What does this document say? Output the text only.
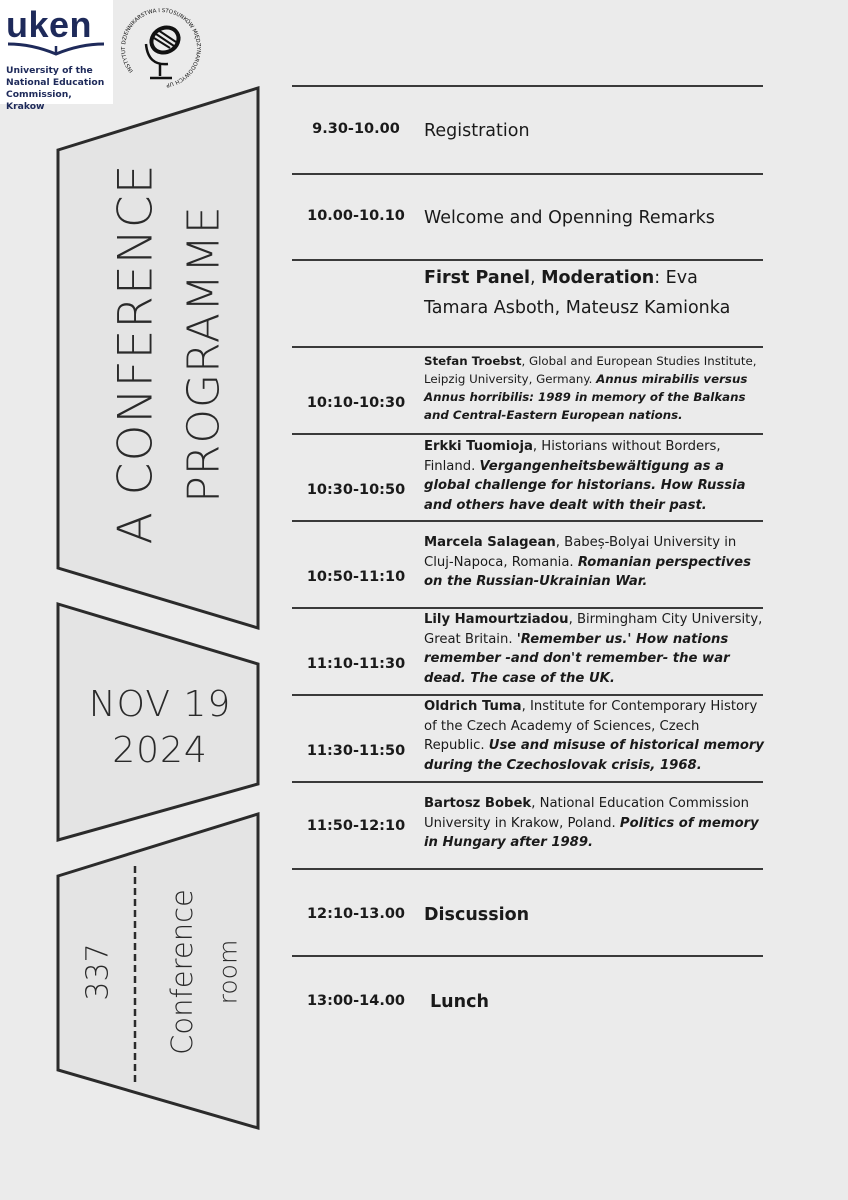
uken
University of the
National Education
Commission, Krakow
INSTYTUT DZIENNIKARSTWA I STOSUNKÓW MIĘDZYNARODOWYCH UP
A CONFERENCE PROGRAMME
NOV 19
2024
337 Conference room
9.30-10.00	Registration
10.00-10.10	Welcome and Openning Remarks
First Panel, Moderation: Eva Tamara Asboth, Mateusz Kamionka
10:10-10:30
Stefan Troebst, Global and European Studies Institute, Leipzig University, Germany. Annus mirabilis versus Annus horribilis: 1989 in memory of the Balkans and Central-Eastern European nations.
10:30-10:50
Erkki Tuomioja, Historians without Borders, Finland. Vergangenheitsbewältigung as a global challenge for historians. How Russia and others have dealt with their past.
10:50-11:10
Marcela Salagean, Babeș-Bolyai University in Cluj-Napoca, Romania. Romanian perspectives on the Russian-Ukrainian War.
11:10-11:30
Lily Hamourtziadou, Birmingham City University, Great Britain. 'Remember us.' How nations remember -and don't remember- the war dead. The case of the UK.
11:30-11:50
Oldrich Tuma, Institute for Contemporary History of the Czech Academy of Sciences, Czech Republic. Use and misuse of historical memory during the Czechoslovak crisis, 1968.
11:50-12:10
Bartosz Bobek, National Education Commission University in Krakow, Poland. Politics of memory in Hungary after 1989.
12:10-13.00	Discussion
13:00-14.00	Lunch
